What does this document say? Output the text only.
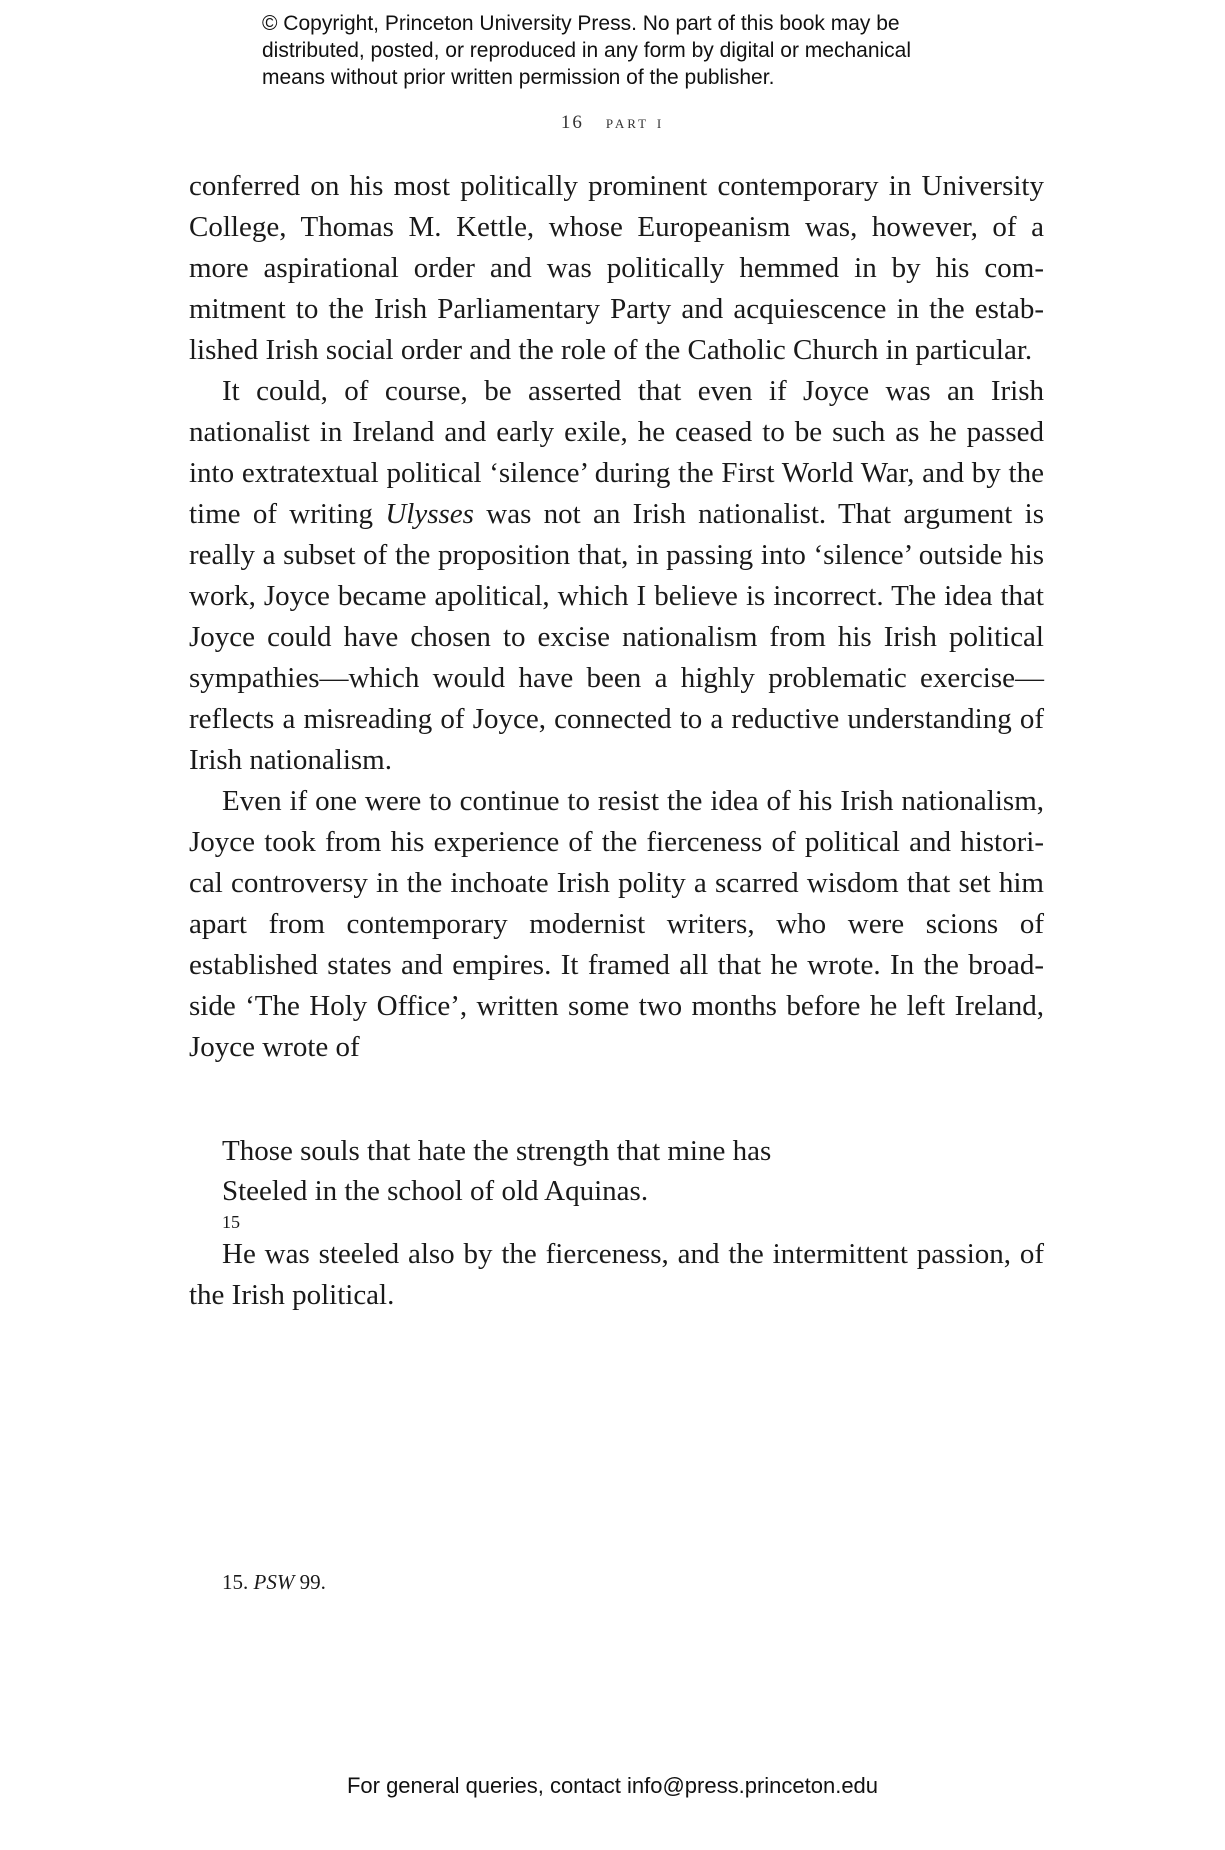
© Copyright, Princeton University Press. No part of this book may be
distributed, posted, or reproduced in any form by digital or mechanical
means without prior written permission of the publisher.
16 part i

conferred on his most politically prominent contemporary in University College, Thomas M. Kettle, whose Europeanism was, however, of a more aspirational order and was politically hemmed in by his commitment to the Irish Parliamentary Party and acquiescence in the established Irish social order and the role of the Catholic Church in particular.

It could, of course, be asserted that even if Joyce was an Irish nationalist in Ireland and early exile, he ceased to be such as he passed into extratextual political ‘silence’ during the First World War, and by the time of writing Ulysses was not an Irish nationalist. That argument is really a subset of the proposition that, in passing into ‘silence’ outside his work, Joyce became apolitical, which I believe is incorrect. The idea that Joyce could have chosen to excise nationalism from his Irish political sympathies—which would have been a highly problematic exercise—reflects a misreading of Joyce, connected to a reductive understanding of Irish nationalism.

Even if one were to continue to resist the idea of his Irish nationalism, Joyce took from his experience of the fierceness of political and historical controversy in the inchoate Irish polity a scarred wisdom that set him apart from contemporary modernist writers, who were scions of established states and empires. It framed all that he wrote. In the broadside ‘The Holy Office’, written some two months before he left Ireland, Joyce wrote of

Those souls that hate the strength that mine has
Steeled in the school of old Aquinas.
$^{15}$

He was steeled also by the fierceness, and the intermittent passion, of the Irish political.

15. PSW 99.
For general queries, contact info@press.princeton.edu
